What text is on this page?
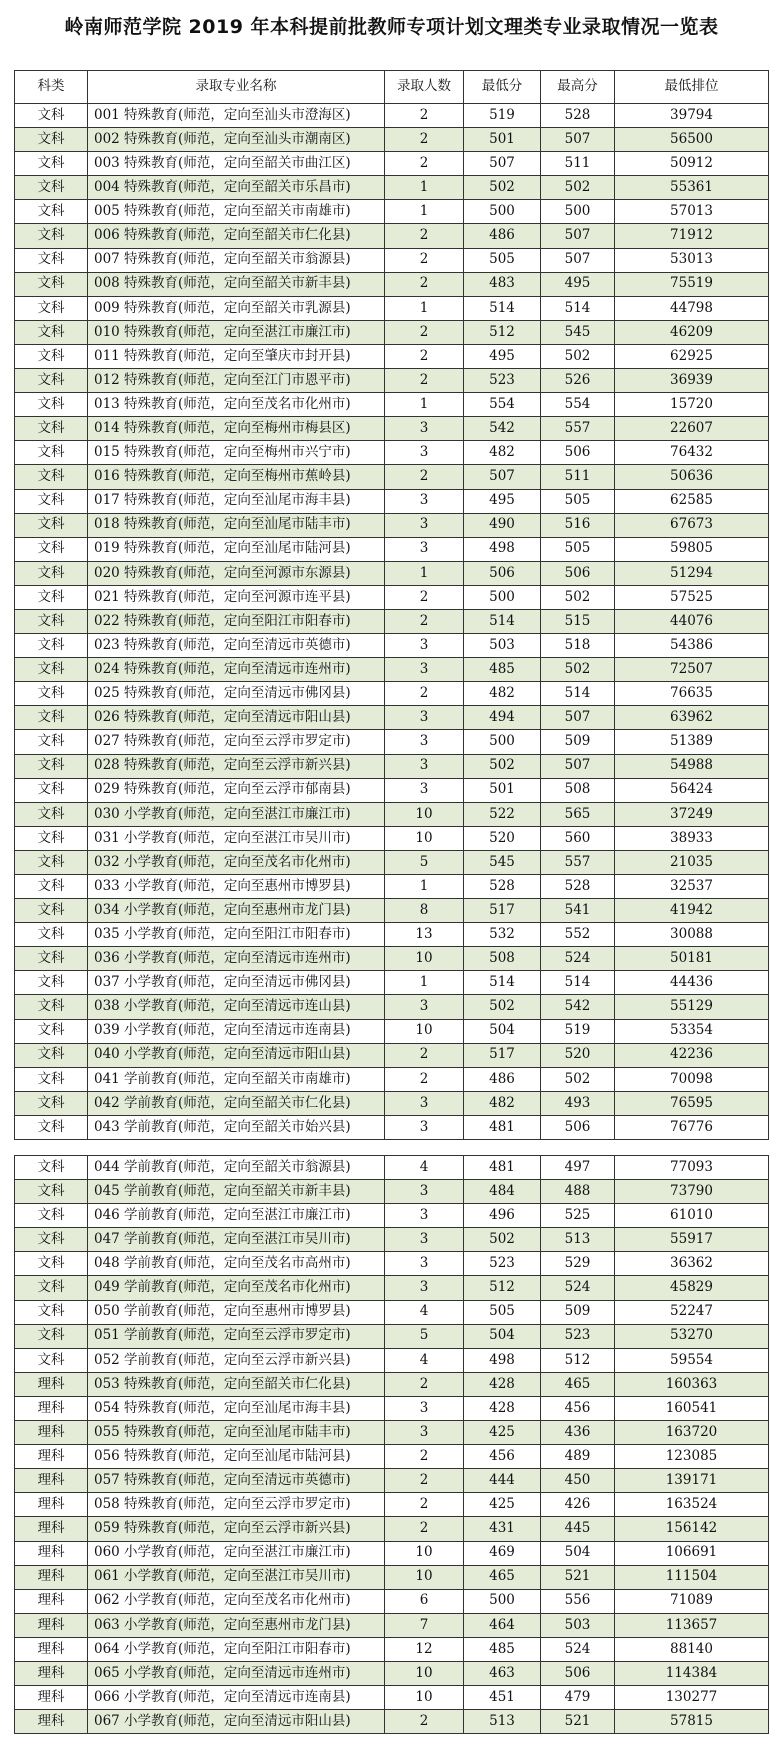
岭南师范学院 2019 年本科提前批教师专项计划文理类专业录取情况一览表
科类	录取专业名称	录取人数	最低分	最高分	最低排位
文科	001 特殊教育(师范，定向至汕头市澄海区)	2	519	528	39794
文科	002 特殊教育(师范，定向至汕头市潮南区)	2	501	507	56500
文科	003 特殊教育(师范，定向至韶关市曲江区)	2	507	511	50912
文科	004 特殊教育(师范，定向至韶关市乐昌市)	1	502	502	55361
文科	005 特殊教育(师范，定向至韶关市南雄市)	1	500	500	57013
文科	006 特殊教育(师范，定向至韶关市仁化县)	2	486	507	71912
文科	007 特殊教育(师范，定向至韶关市翁源县)	2	505	507	53013
文科	008 特殊教育(师范，定向至韶关市新丰县)	2	483	495	75519
文科	009 特殊教育(师范，定向至韶关市乳源县)	1	514	514	44798
文科	010 特殊教育(师范，定向至湛江市廉江市)	2	512	545	46209
文科	011 特殊教育(师范，定向至肇庆市封开县)	2	495	502	62925
文科	012 特殊教育(师范，定向至江门市恩平市)	2	523	526	36939
文科	013 特殊教育(师范，定向至茂名市化州市)	1	554	554	15720
文科	014 特殊教育(师范，定向至梅州市梅县区)	3	542	557	22607
文科	015 特殊教育(师范，定向至梅州市兴宁市)	3	482	506	76432
文科	016 特殊教育(师范，定向至梅州市蕉岭县)	2	507	511	50636
文科	017 特殊教育(师范，定向至汕尾市海丰县)	3	495	505	62585
文科	018 特殊教育(师范，定向至汕尾市陆丰市)	3	490	516	67673
文科	019 特殊教育(师范，定向至汕尾市陆河县)	3	498	505	59805
文科	020 特殊教育(师范，定向至河源市东源县)	1	506	506	51294
文科	021 特殊教育(师范，定向至河源市连平县)	2	500	502	57525
文科	022 特殊教育(师范，定向至阳江市阳春市)	2	514	515	44076
文科	023 特殊教育(师范，定向至清远市英德市)	3	503	518	54386
文科	024 特殊教育(师范，定向至清远市连州市)	3	485	502	72507
文科	025 特殊教育(师范，定向至清远市佛冈县)	2	482	514	76635
文科	026 特殊教育(师范，定向至清远市阳山县)	3	494	507	63962
文科	027 特殊教育(师范，定向至云浮市罗定市)	3	500	509	51389
文科	028 特殊教育(师范，定向至云浮市新兴县)	3	502	507	54988
文科	029 特殊教育(师范，定向至云浮市郁南县)	3	501	508	56424
文科	030 小学教育(师范，定向至湛江市廉江市)	10	522	565	37249
文科	031 小学教育(师范，定向至湛江市吴川市)	10	520	560	38933
文科	032 小学教育(师范，定向至茂名市化州市)	5	545	557	21035
文科	033 小学教育(师范，定向至惠州市博罗县)	1	528	528	32537
文科	034 小学教育(师范，定向至惠州市龙门县)	8	517	541	41942
文科	035 小学教育(师范，定向至阳江市阳春市)	13	532	552	30088
文科	036 小学教育(师范，定向至清远市连州市)	10	508	524	50181
文科	037 小学教育(师范，定向至清远市佛冈县)	1	514	514	44436
文科	038 小学教育(师范，定向至清远市连山县)	3	502	542	55129
文科	039 小学教育(师范，定向至清远市连南县)	10	504	519	53354
文科	040 小学教育(师范，定向至清远市阳山县)	2	517	520	42236
文科	041 学前教育(师范，定向至韶关市南雄市)	2	486	502	70098
文科	042 学前教育(师范，定向至韶关市仁化县)	3	482	493	76595
文科	043 学前教育(师范，定向至韶关市始兴县)	3	481	506	76776
文科	044 学前教育(师范，定向至韶关市翁源县)	4	481	497	77093
文科	045 学前教育(师范，定向至韶关市新丰县)	3	484	488	73790
文科	046 学前教育(师范，定向至湛江市廉江市)	3	496	525	61010
文科	047 学前教育(师范，定向至湛江市吴川市)	3	502	513	55917
文科	048 学前教育(师范，定向至茂名市高州市)	3	523	529	36362
文科	049 学前教育(师范，定向至茂名市化州市)	3	512	524	45829
文科	050 学前教育(师范，定向至惠州市博罗县)	4	505	509	52247
文科	051 学前教育(师范，定向至云浮市罗定市)	5	504	523	53270
文科	052 学前教育(师范，定向至云浮市新兴县)	4	498	512	59554
理科	053 特殊教育(师范，定向至韶关市仁化县)	2	428	465	160363
理科	054 特殊教育(师范，定向至汕尾市海丰县)	3	428	456	160541
理科	055 特殊教育(师范，定向至汕尾市陆丰市)	3	425	436	163720
理科	056 特殊教育(师范，定向至汕尾市陆河县)	2	456	489	123085
理科	057 特殊教育(师范，定向至清远市英德市)	2	444	450	139171
理科	058 特殊教育(师范，定向至云浮市罗定市)	2	425	426	163524
理科	059 特殊教育(师范，定向至云浮市新兴县)	2	431	445	156142
理科	060 小学教育(师范，定向至湛江市廉江市)	10	469	504	106691
理科	061 小学教育(师范，定向至湛江市吴川市)	10	465	521	111504
理科	062 小学教育(师范，定向至茂名市化州市)	6	500	556	71089
理科	063 小学教育(师范，定向至惠州市龙门县)	7	464	503	113657
理科	064 小学教育(师范，定向至阳江市阳春市)	12	485	524	88140
理科	065 小学教育(师范，定向至清远市连州市)	10	463	506	114384
理科	066 小学教育(师范，定向至清远市连南县)	10	451	479	130277
理科	067 小学教育(师范，定向至清远市阳山县)	2	513	521	57815
